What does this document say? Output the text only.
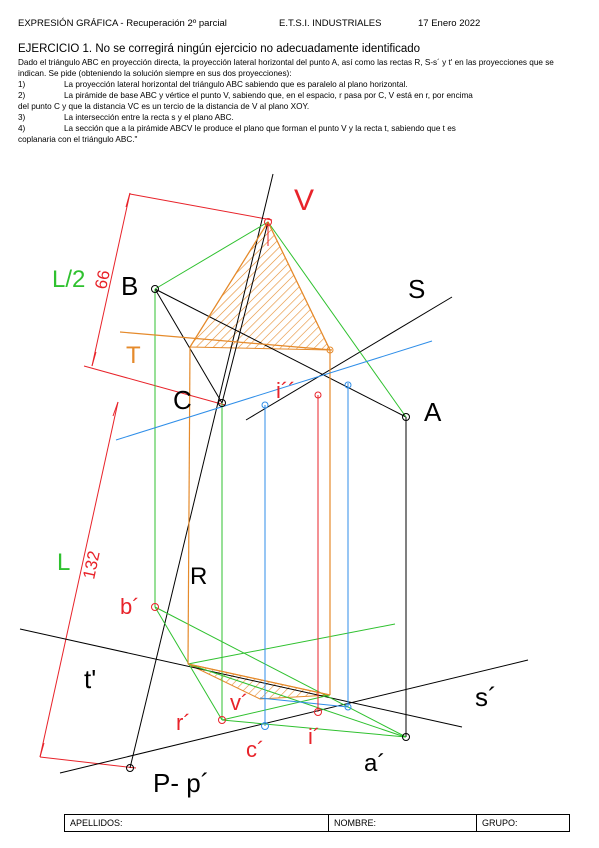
EXPRESIÓN GRÁFICA - Recuperación 2º parcial	E.T.S.I. INDUSTRIALES	17 Enero 2022
EJERCICIO 1. No se corregirá ningún ejercicio no adecuadamente identificado

Dado el triángulo ABC en proyección directa, la proyección lateral horizontal del punto A, así como las rectas R, S-s´ y t' en las proyecciones que se indican. Se pide (obteniendo la solución siempre en sus dos proyecciones):

1)	La proyección lateral horizontal del triángulo ABC sabiendo que es paralelo al plano horizontal.

2)	La pirámide de base ABC y vértice el punto V, sabiendo que, en el espacio, r pasa por C, V está en r, por encima

del punto C y que la distancia VC es un tercio de la distancia de V al plano XOY.

3)	La intersección entre la recta s y el plano ABC.

4)	La sección que a la pirámide ABCV le produce el plano que forman el punto V y la recta t, sabiendo que t es

coplanaria con el triángulo ABC."

V
B	S
T
C	i´´
A
R
b´
t'
v´	s´
r´
c´
i´
a´
P- p´
L/2 66
L 132
APELLIDOS:	NOMBRE:	GRUPO:
